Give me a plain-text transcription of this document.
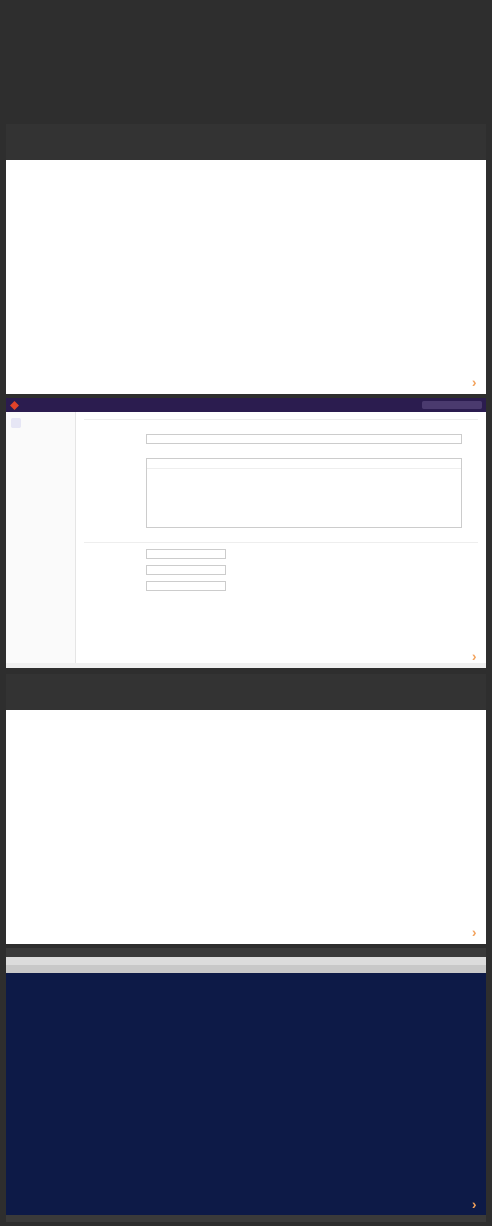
›
›
›
›
